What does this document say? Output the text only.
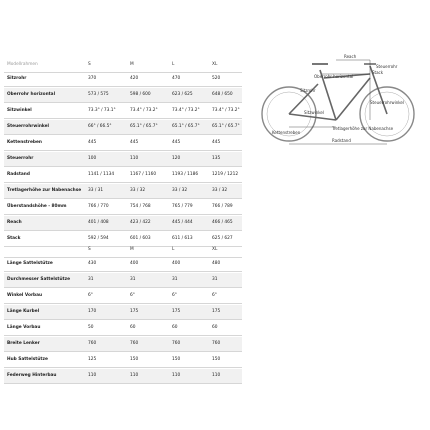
Modellrahmen	S	M	L	XL
Sitzrohr	370	420	470	520
Oberrohr horizontal	573 / 575	598 / 600	623 / 625	648 / 650
Sitzwinkel	73.3° / 73.1°	73.4° / 73.2°	73.4° / 73.2°	73.4° / 73.2°
Steuerrohrwinkel	66° / 66.5°	65.1° / 65.7°	65.1° / 65.7°	65.1° / 65.7°
Kettenstreben	445	445	445	445
Steuerrohr	100	110	120	135
Radstand	1141 / 1134	1167 / 1160	1193 / 1186	1219 / 1212
Tretlagerhöhe zur Nabenachse 33 / 31	33 / 32	33 / 32	33 / 32
Überstandshöhe - 80mm	766 / 770	754 / 768	765 / 779	766 / 789
Reach	401 / 408	423 / 422	445 / 444	466 / 465
Stack	592 / 594	601 / 603	611 / 613	625 / 627
S	M	L	XL
Länge Sattelstütze	430	400	400	480
Durchmesser Sattelstütze	31	31	31	31
Winkel Vorbau	6°	6°	6°	6°
Länge Kurbel	170	175	175	175
Länge Vorbau	50	60	60	60
Breite Lenker	760	760	760	760
Hub Sattelstütze	125	150	150	150
Federweg Hinterbau	110	110	110	110
Reach
Stack
Steuerrohr
Sitzrohr
Oberrohr horizontal
Sitzwinkel
Steuerrohrwinkel
Tretlagerhöhe zur Nabenachse
Kettenstreben
Radstand
